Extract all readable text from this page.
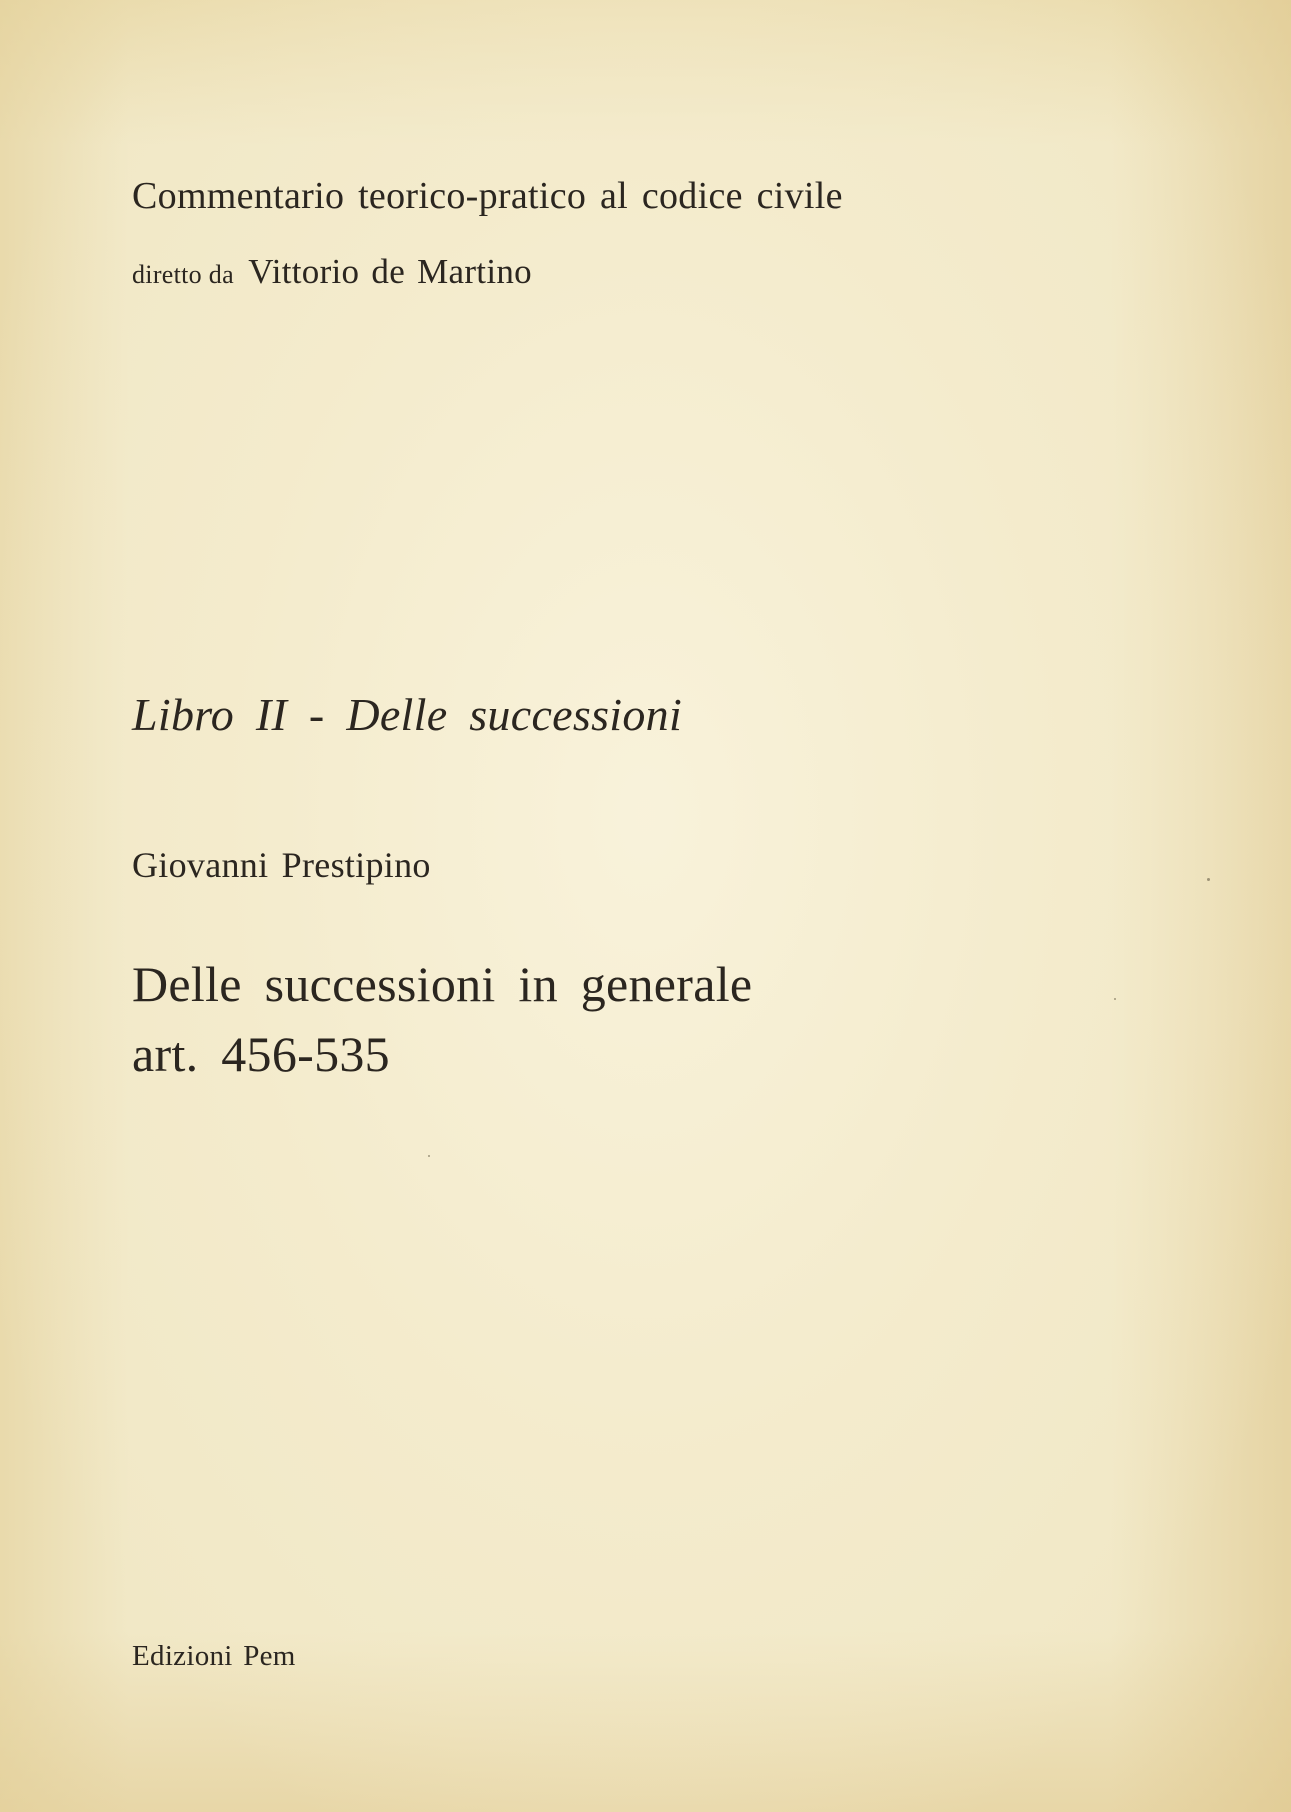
Commentario teorico-pratico al codice civile
diretto da Vittorio de Martino
Libro II - Delle successioni
Giovanni Prestipino
Delle successioni in generale
art. 456-535
Edizioni Pem
